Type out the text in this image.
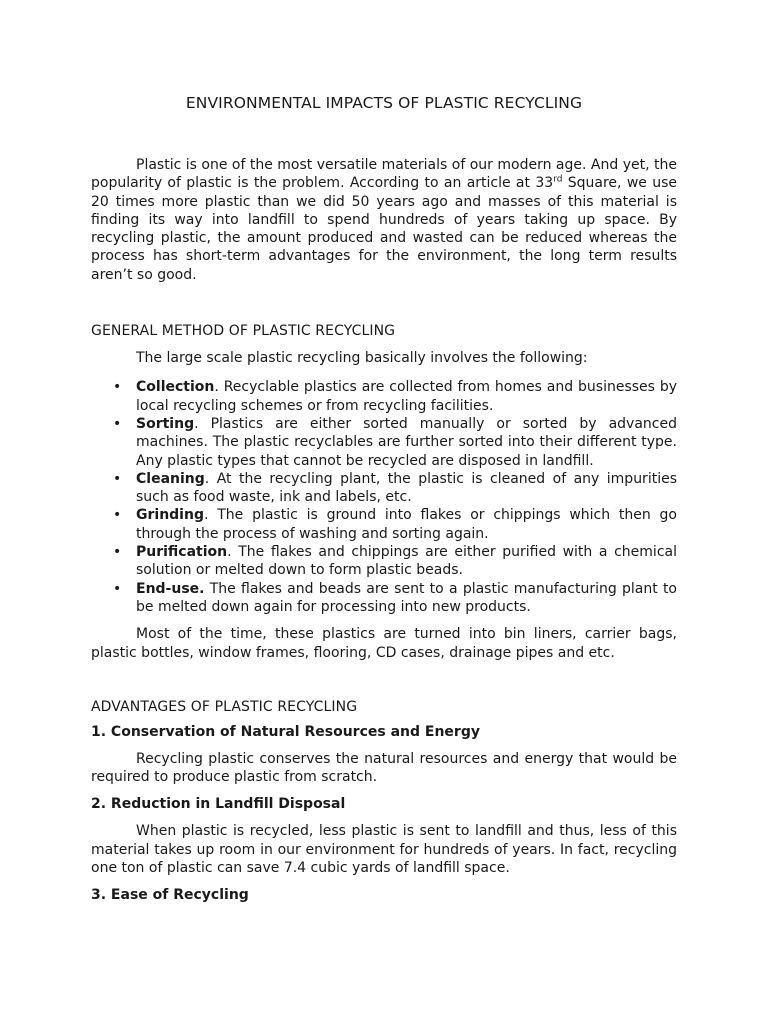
ENVIRONMENTAL IMPACTS OF PLASTIC RECYCLING

Plastic is one of the most versatile materials of our modern age. And yet, the popularity of plastic is the problem. According to an article at 33rd Square, we use 20 times more plastic than we did 50 years ago and masses of this material is finding its way into landfill to spend hundreds of years taking up space. By recycling plastic, the amount produced and wasted can be reduced whereas the process has short-term advantages for the environment, the long term results aren’t so good.

GENERAL METHOD OF PLASTIC RECYCLING

The large scale plastic recycling basically involves the following:

• Collection. Recyclable plastics are collected from homes and businesses by local recycling schemes or from recycling facilities.
• Sorting. Plastics are either sorted manually or sorted by advanced machines. The plastic recyclables are further sorted into their different type. Any plastic types that cannot be recycled are disposed in landfill.
• Cleaning. At the recycling plant, the plastic is cleaned of any impurities such as food waste, ink and labels, etc.
• Grinding. The plastic is ground into flakes or chippings which then go through the process of washing and sorting again.
• Purification. The flakes and chippings are either purified with a chemical solution or melted down to form plastic beads.
• End-use. The flakes and beads are sent to a plastic manufacturing plant to be melted down again for processing into new products.

Most of the time, these plastics are turned into bin liners, carrier bags, plastic bottles, window frames, flooring, CD cases, drainage pipes and etc.

ADVANTAGES OF PLASTIC RECYCLING
1. Conservation of Natural Resources and Energy

Recycling plastic conserves the natural resources and energy that would be required to produce plastic from scratch.

2. Reduction in Landfill Disposal

When plastic is recycled, less plastic is sent to landfill and thus, less of this material takes up room in our environment for hundreds of years. In fact, recycling one ton of plastic can save 7.4 cubic yards of landfill space.

3. Ease of Recycling
